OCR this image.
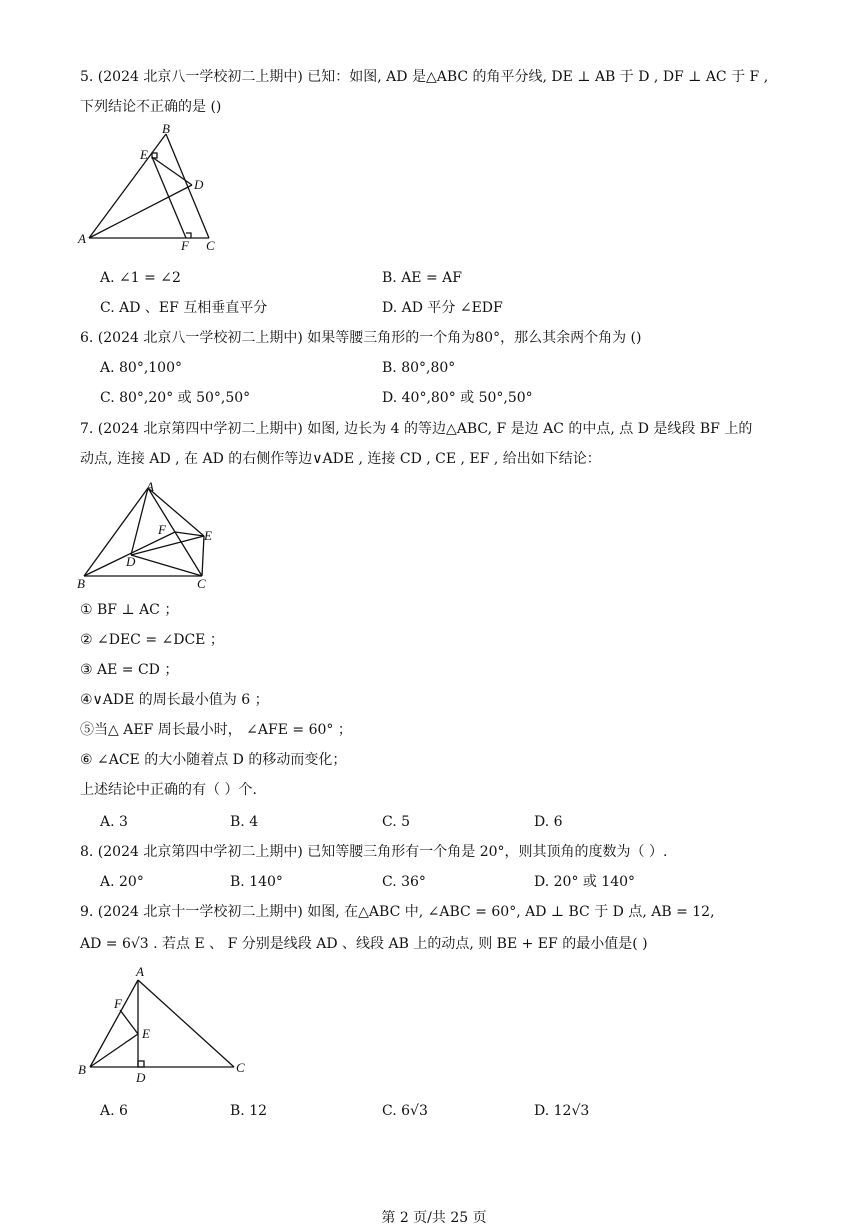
5. (2024 北京八一学校初二上期中) 已知：如图, AD 是△ABC 的角平分线, DE ⊥ AB 于 D , DF ⊥ AC 于 F ,
下列结论不正确的是 ()
B
E
D
A	F C
A. ∠1 = ∠2	B. AE = AF
C. AD 、EF 互相垂直平分	D. AD 平分 ∠EDF
6. (2024 北京八一学校初二上期中) 如果等腰三角形的一个角为80°，那么其余两个角为 ()
A. 80°,100°	B. 80°,80°
C. 80°,20° 或 50°,50°	D. 40°,80° 或 50°,50°
7. (2024 北京第四中学初二上期中) 如图, 边长为 4 的等边△ABC, F 是边 AC 的中点, 点 D 是线段 BF 上的
动点, 连接 AD , 在 AD 的右侧作等边∨ADE , 连接 CD , CE , EF , 给出如下结论：
A
F	E
D
B	C
① BF ⊥ AC ；
② ∠DEC = ∠DCE ；
③ AE = CD ；
④∨ADE 的周长最小值为 6 ；
⑤当△ AEF 周长最小时， ∠AFE = 60° ；
⑥ ∠ACE 的大小随着点 D 的移动而变化；
上述结论中正确的有（ ）个.
A. 3	B. 4	C. 5	D. 6
8. (2024 北京第四中学初二上期中) 已知等腰三角形有一个角是 20°，则其顶角的度数为（ ）.
A. 20°	B. 140°	C. 36°	D. 20° 或 140°
9. (2024 北京十一学校初二上期中) 如图, 在△ABC 中, ∠ABC = 60°, AD ⊥ BC 于 D 点, AB = 12,
AD = 6√3 . 若点 E 、 F 分别是线段 AD 、线段 AB 上的动点, 则 BE + EF 的最小值是( )
A
F
E
B
D
C
A. 6	B. 12	C. 6√3	D. 12√3
第 2 页/共 25 页
